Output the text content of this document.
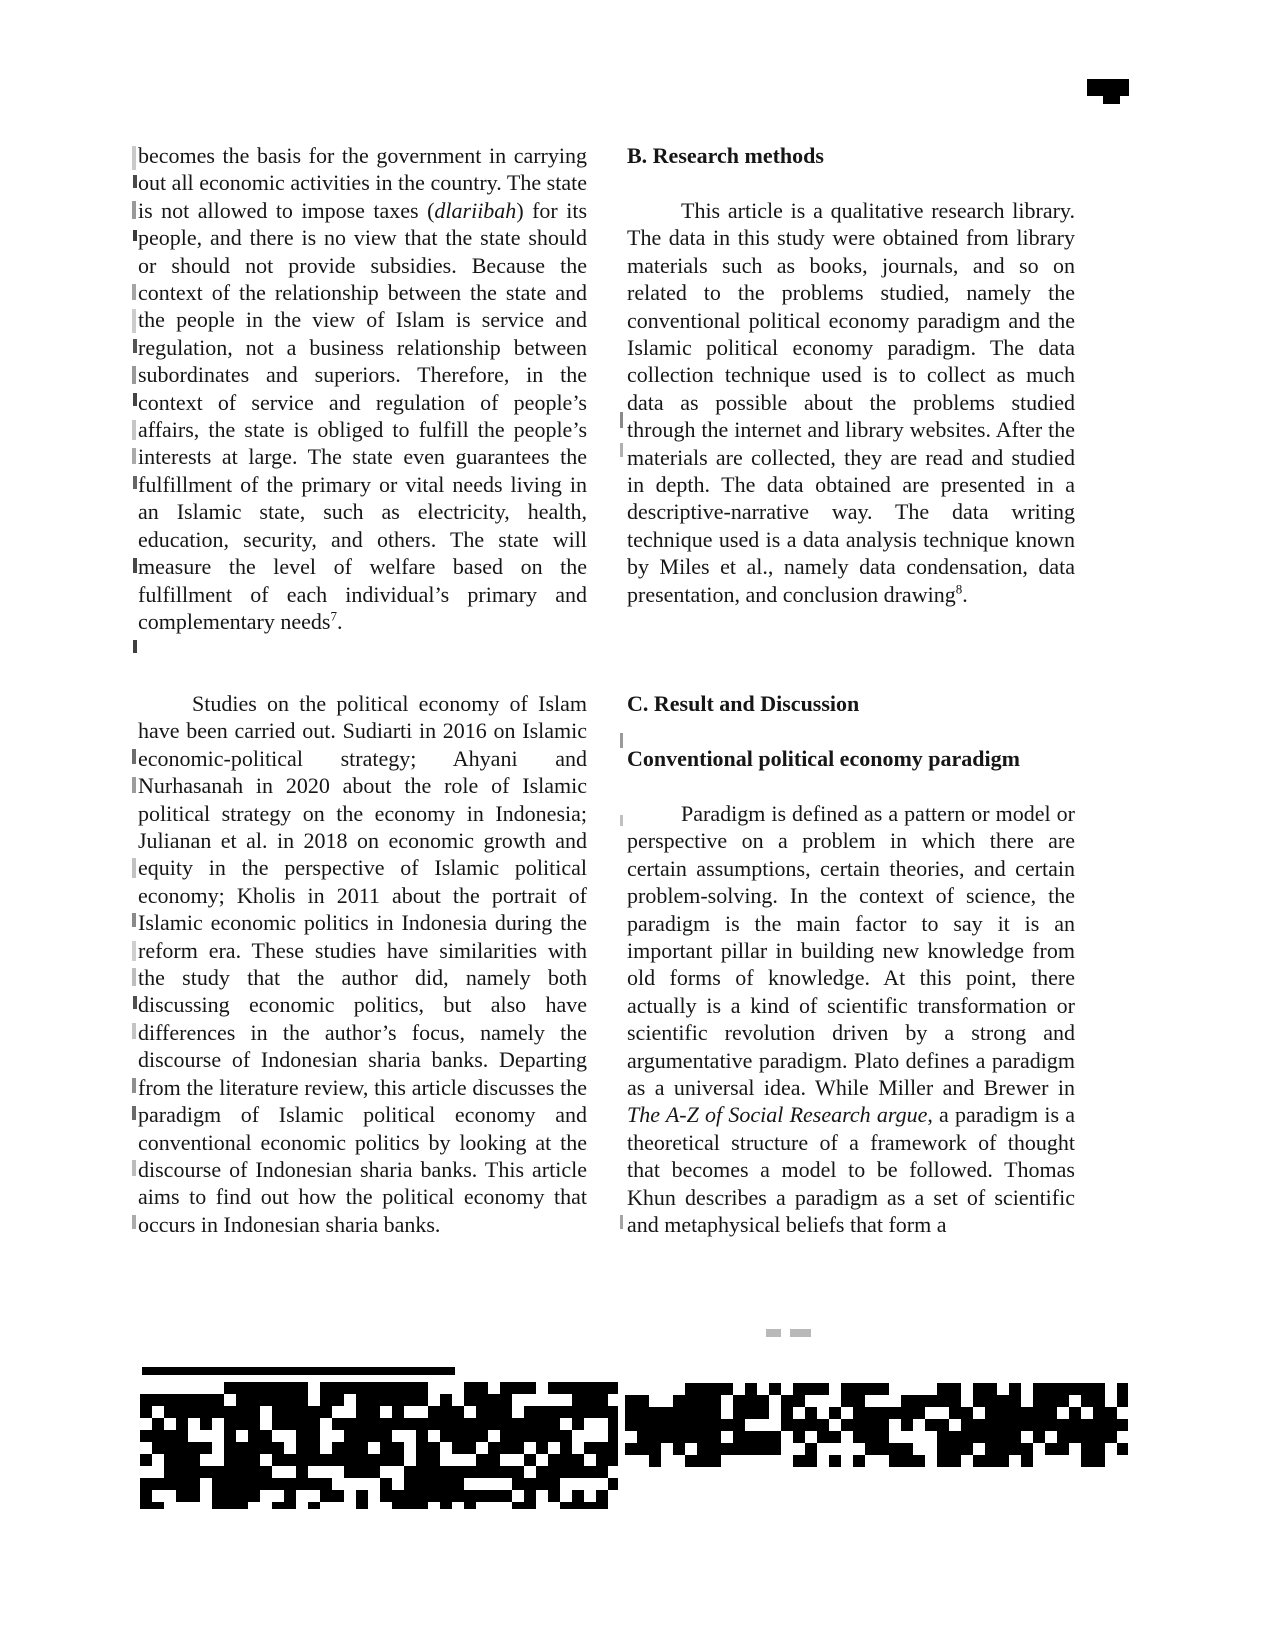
becomes the basis for the government in carrying out all economic activities in the country. The state is not allowed to impose taxes (dlariibah) for its people, and there is no view that the state should or should not provide subsidies. Because the context of the relationship between the state and the people in the view of Islam is service and regulation, not a business relationship between subordinates and superiors. Therefore, in the context of service and regulation of people’s affairs, the state is obliged to fulfill the people’s interests at large. The state even guarantees the fulfillment of the primary or vital needs living in an Islamic state, such as electricity, health, education, security, and others. The state will measure the level of welfare based on the fulfillment of each individual’s primary and complementary needs$^7$.

Studies on the political economy of Islam have been carried out. Sudiarti in 2016 on Islamic economic-political strategy; Ahyani and Nurhasanah in 2020 about the role of Islamic political strategy on the economy in Indonesia; Julianan et al. in 2018 on economic growth and equity in the perspective of Islamic political economy; Kholis in 2011 about the portrait of Islamic economic politics in Indonesia during the reform era. These studies have similarities with the study that the author did, namely both discussing economic politics, but also have differences in the author’s focus, namely the discourse of Indonesian sharia banks. Departing from the literature review, this article discusses the paradigm of Islamic political economy and conventional economic politics by looking at the discourse of Indonesian sharia banks. This article aims to find out how the political economy that occurs in Indonesian sharia banks.

B. Research methods

This article is a qualitative research library. The data in this study were obtained from library materials such as books, journals, and so on related to the problems studied, namely the conventional political economy paradigm and the Islamic political economy paradigm. The data collection technique used is to collect as much data as possible about the problems studied through the internet and library websites. After the materials are collected, they are read and studied in depth. The data obtained are presented in a descriptive-narrative way. The data writing technique used is a data analysis technique known by Miles et al., namely data condensation, data presentation, and conclusion drawing$^8$.

C. Result and Discussion
Conventional political economy paradigm

Paradigm is defined as a pattern or model or perspective on a problem in which there are certain assumptions, certain theories, and certain problem-solving. In the context of science, the paradigm is the main factor to say it is an important pillar in building new knowledge from old forms of knowledge. At this point, there actually is a kind of scientific transformation or scientific revolution driven by a strong and argumentative paradigm. Plato defines a paradigm as a universal idea. While Miller and Brewer in The A-Z of Social Research argue, a paradigm is a theoretical structure of a framework of thought that becomes a model to be followed. Thomas Khun describes a paradigm as a set of scientific and metaphysical beliefs that form a
